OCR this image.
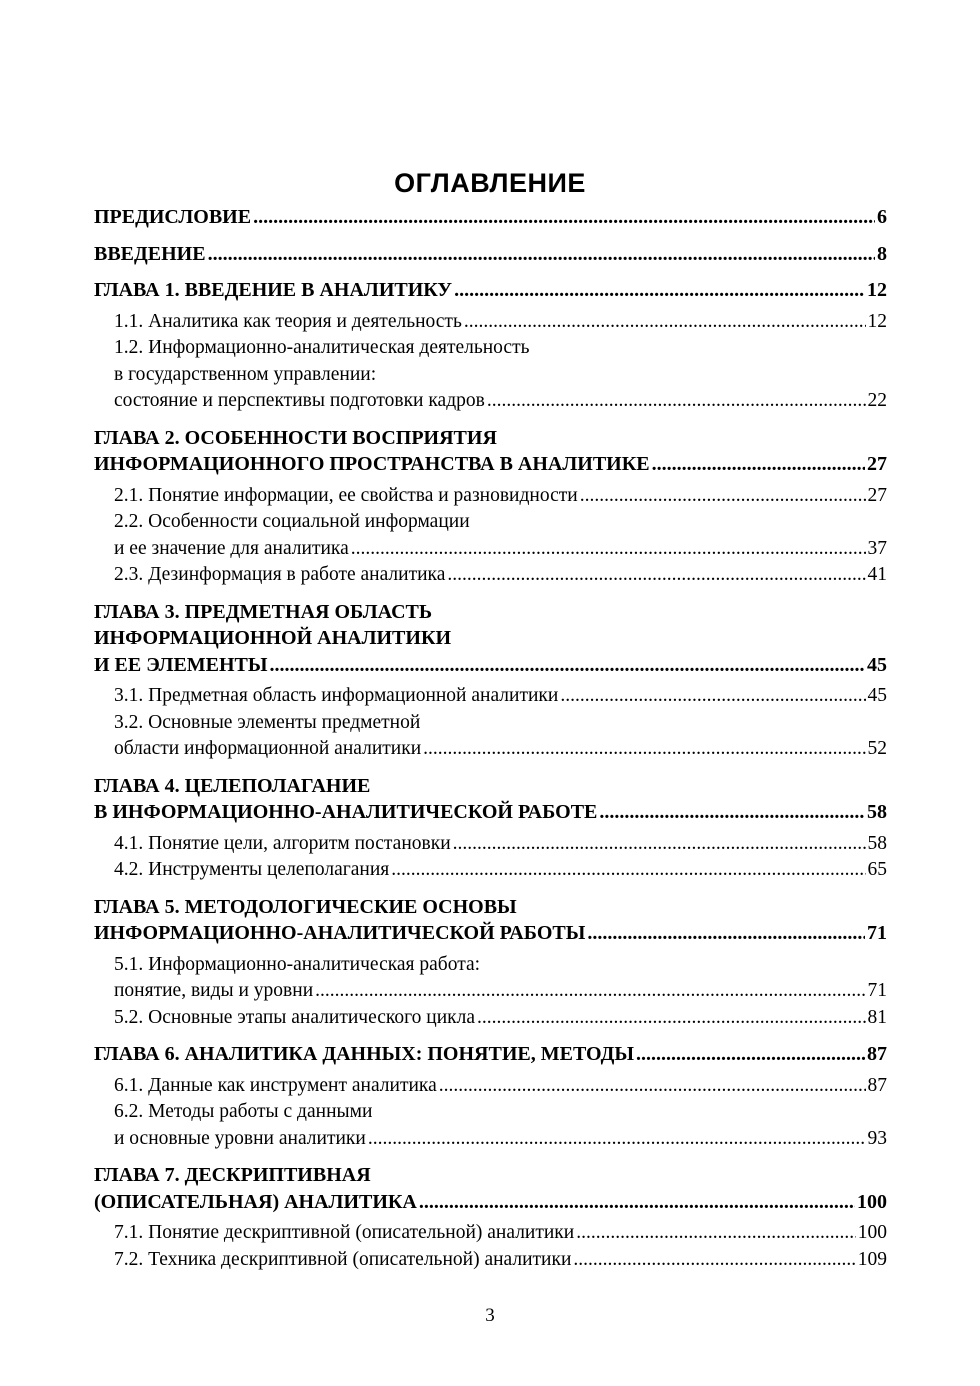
ОГЛАВЛЕНИЕ
ПРЕДИСЛОВИЕ .....	6
ВВЕДЕНИЕ .....	8
ГЛАВА 1. ВВЕДЕНИЕ В АНАЛИТИКУ .....	12
1.1. Аналитика как теория и деятельность .....	12
1.2. Информационно-аналитическая деятельность
в государственном управлении:
состояние и перспективы подготовки кадров .....	22
ГЛАВА 2. ОСОБЕННОСТИ ВОСПРИЯТИЯ
ИНФОРМАЦИОННОГО ПРОСТРАНСТВА В АНАЛИТИКЕ .....	27
2.1. Понятие информации, ее свойства и разновидности .....	27
2.2. Особенности социальной информации
и ее значение для аналитика .....	37
2.3. Дезинформация в работе аналитика .....	41
ГЛАВА 3. ПРЕДМЕТНАЯ ОБЛАСТЬ
ИНФОРМАЦИОННОЙ АНАЛИТИКИ
И ЕЕ ЭЛЕМЕНТЫ .....	45
3.1. Предметная область информационной аналитики .....	45
3.2. Основные элементы предметной
области информационной аналитики .....	52
ГЛАВА 4. ЦЕЛЕПОЛАГАНИЕ
В ИНФОРМАЦИОННО-АНАЛИТИЧЕСКОЙ РАБОТЕ .....	58
4.1. Понятие цели, алгоритм постановки .....	58
4.2. Инструменты целеполагания .....	65
ГЛАВА 5. МЕТОДОЛОГИЧЕСКИЕ ОСНОВЫ
ИНФОРМАЦИОННО-АНАЛИТИЧЕСКОЙ РАБОТЫ .....	71
5.1. Информационно-аналитическая работа:
понятие, виды и уровни .....	71
5.2. Основные этапы аналитического цикла .....	81
ГЛАВА 6. АНАЛИТИКА ДАННЫХ: ПОНЯТИЕ, МЕТОДЫ .....	87
6.1. Данные как инструмент аналитика .....	87
6.2. Методы работы с данными
и основные уровни аналитики .....	93
ГЛАВА 7. ДЕСКРИПТИВНАЯ
(ОПИСАТЕЛЬНАЯ) АНАЛИТИКА .....	100
7.1. Понятие дескриптивной (описательной) аналитики .....	100
7.2. Техника дескриптивной (описательной) аналитики .....	109
3
